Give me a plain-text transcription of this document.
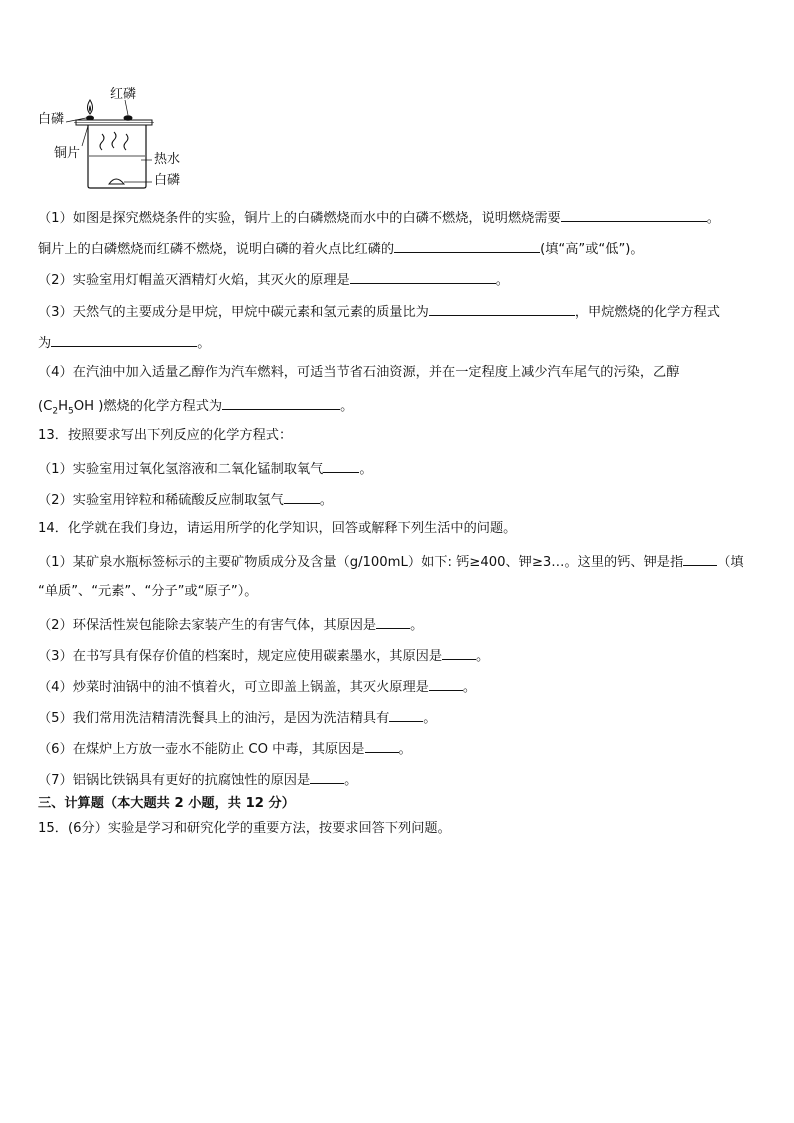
红磷
白磷
铜片	热水
白磷
（1）如图是探究燃烧条件的实验，铜片上的白磷燃烧而水中的白磷不燃烧，说明燃烧需要	。
铜片上的白磷燃烧而红磷不燃烧，说明白磷的着火点比红磷的	(填“高”或“低”)。
（2）实验室用灯帽盖灭酒精灯火焰，其灭火的原理是	。
（3）天然气的主要成分是甲烷，甲烷中碳元素和氢元素的质量比为	，甲烷燃烧的化学方程式
为	。
（4）在汽油中加入适量乙醇作为汽车燃料，可适当节省石油资源，并在一定程度上减少汽车尾气的污染，乙醇
($C_2H_5OH$ )燃烧的化学方程式为	。
13．按照要求写出下列反应的化学方程式：
（1）实验室用过氧化氢溶液和二氧化锰制取氧气	。
（2）实验室用锌粒和稀硫酸反应制取氢气	。
14．化学就在我们身边，请运用所学的化学知识，回答或解释下列生活中的问题。
（1）某矿泉水瓶标签标示的主要矿物质成分及含量（g/100mL）如下: 钙≥400、钾≥3…。这里的钙、钾是指	（填
“单质”、“元素”、“分子”或“原子”）。
（2）环保活性炭包能除去家装产生的有害气体，其原因是	。
（3）在书写具有保存价值的档案时，规定应使用碳素墨水，其原因是	。
（4）炒菜时油锅中的油不慎着火，可立即盖上锅盖，其灭火原理是	。
（5）我们常用洗洁精清洗餐具上的油污，是因为洗洁精具有	。
（6）在煤炉上方放一壶水不能防止 CO 中毒，其原因是	。
（7）铝锅比铁锅具有更好的抗腐蚀性的原因是	。
三、计算题（本大题共 2 小题，共 12 分）
15．(6分）实验是学习和研究化学的重要方法，按要求回答下列问题。
